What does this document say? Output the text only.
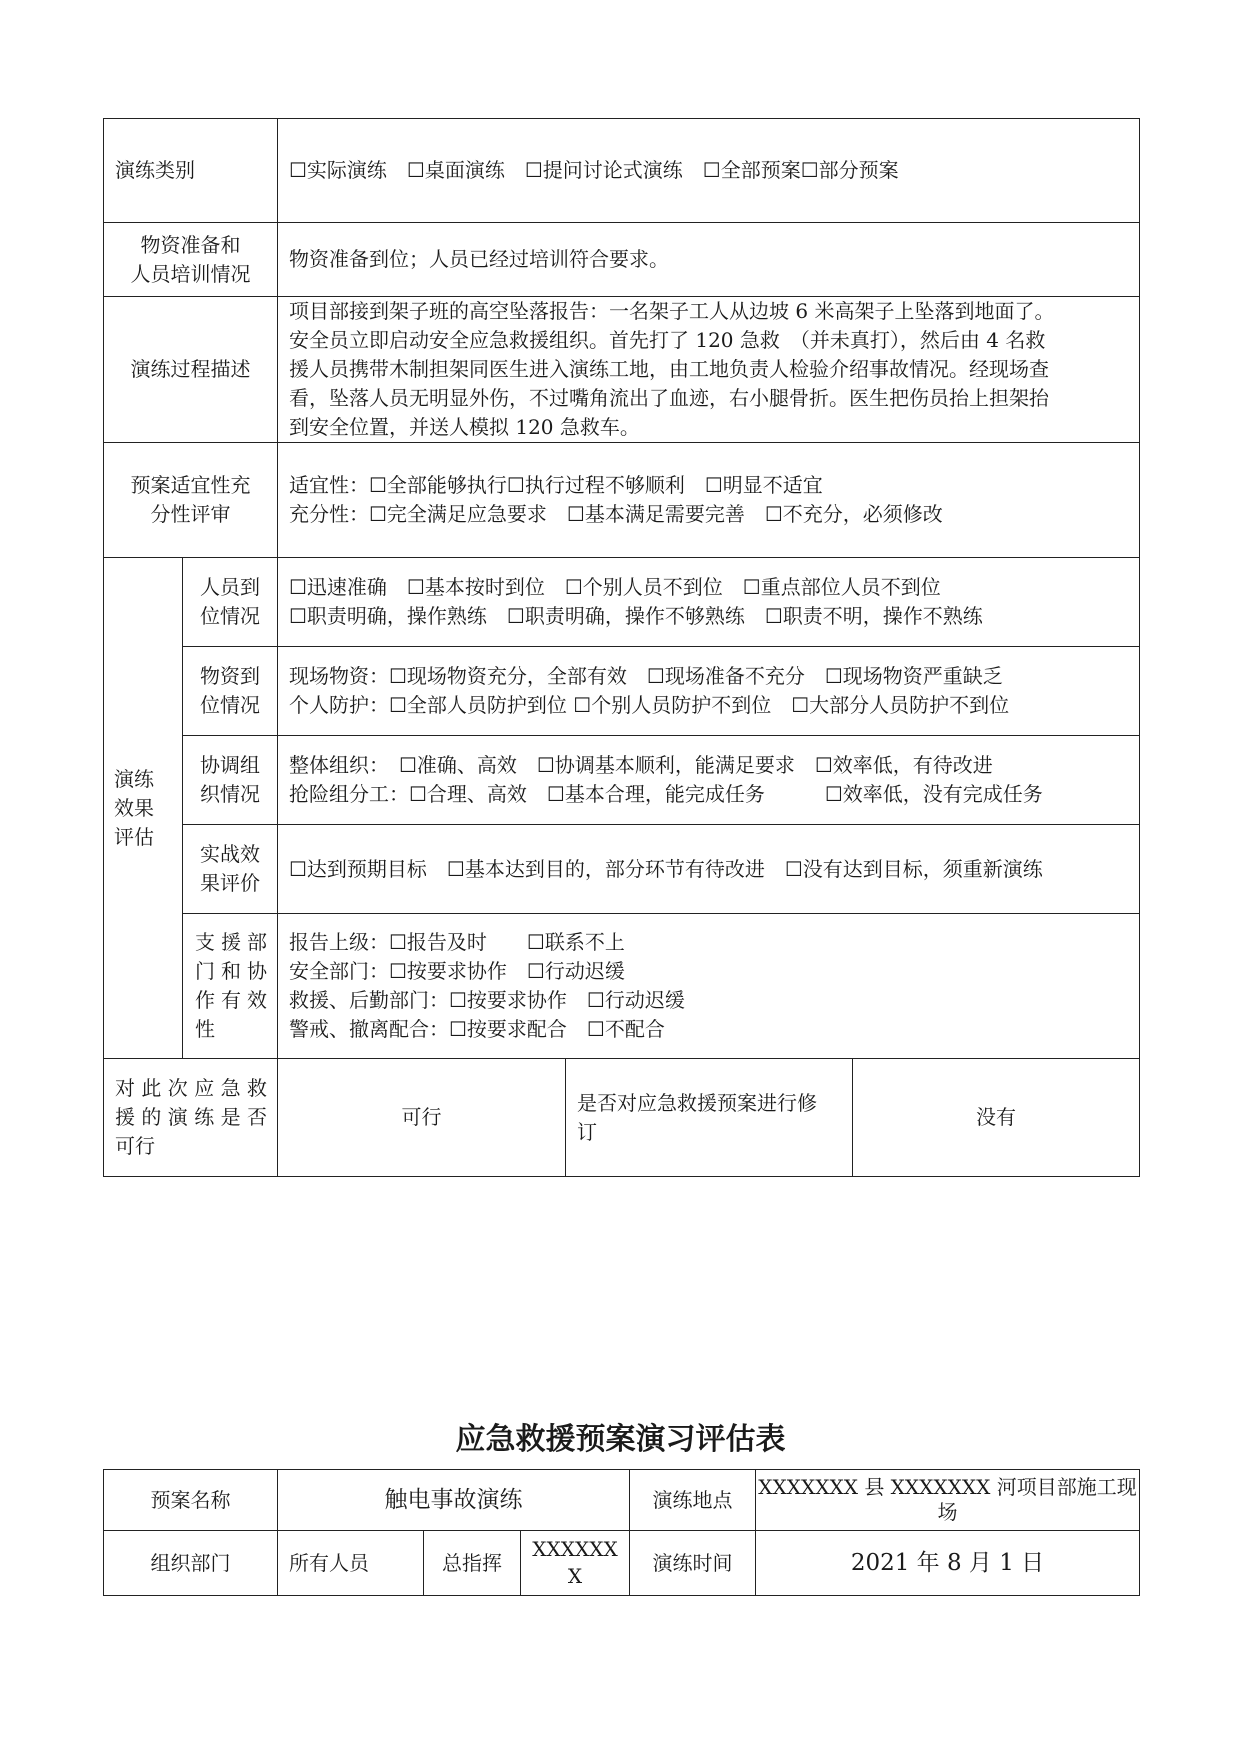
演练类别		☐实际演练　☐桌面演练　☐提问讨论式演练　☐全部预案☐部分预案		

物资准备和
人员培训情况		物资准备到位；人员已经过培训符合要求。		
演练过程描述		项目部接到架子班的高空坠落报告：一名架子工人从边坡 6 米高架子上坠落到地面了。
安全员立即启动安全应急救援组织。首先打了 120 急救　（并未真打），然后由 4 名救
援人员携带木制担架同医生进入演练工地，由工地负责人检验介绍事故情况。经现场查
看，坠落人员无明显外伤，不过嘴角流出了血迹，右小腿骨折。医生把伤员抬上担架抬
到安全位置，并送人模拟 120 急救车。		

预案适宜性充
分性评审		适宜性：☐全部能够执行☐执行过程不够顺利　☐明显不适宜
充分性：☐完全满足应急要求　☐基本满足需要完善　☐不充分，必须修改		

演练
效果
评估	人员到
位情况	☐迅速准确　☐基本按时到位　☐个别人员不到位　☐重点部位人员不到位
☐职责明确，操作熟练　☐职责明确，操作不够熟练　☐职责不明，操作不熟练		

	物资到
位情况	现场物资：☐现场物资充分，全部有效　☐现场准备不充分　☐现场物资严重缺乏
个人防护：☐全部人员防护到位 ☐个别人员防护不到位　☐大部分人员防护不到位		

	协调组
织情况	整体组织：　☐准确、高效　☐协调基本顺利，能满足要求　☐效率低，有待改进
抢险组分工：☐合理、高效　☐基本合理，能完成任务　　　☐效率低，没有完成任务		

	实战效
果评价	☐达到预期目标　☐基本达到目的，部分环节有待改进　☐没有达到目标，须重新演练		

	支援部
门和协
作有效
性	报告上级：☐报告及时　　☐联系不上
安全部门：☐按要求协作　☐行动迟缓
救援、后勤部门：☐按要求协作　☐行动迟缓
警戒、撤离配合：☐按要求配合　☐不配合		

对此次应急救
援的演练是否
可行		可行	是否对应急救援预案进行修
订	没有
应急救援预案演习评估表
预案名称	触电事故演练			演练地点	XXXXXXX 县 XXXXXXX 河项目部施工现
场

组织部门	所有人员	总指挥	XXXXXX
X	演练时间	2021 年 8 月 1 日
